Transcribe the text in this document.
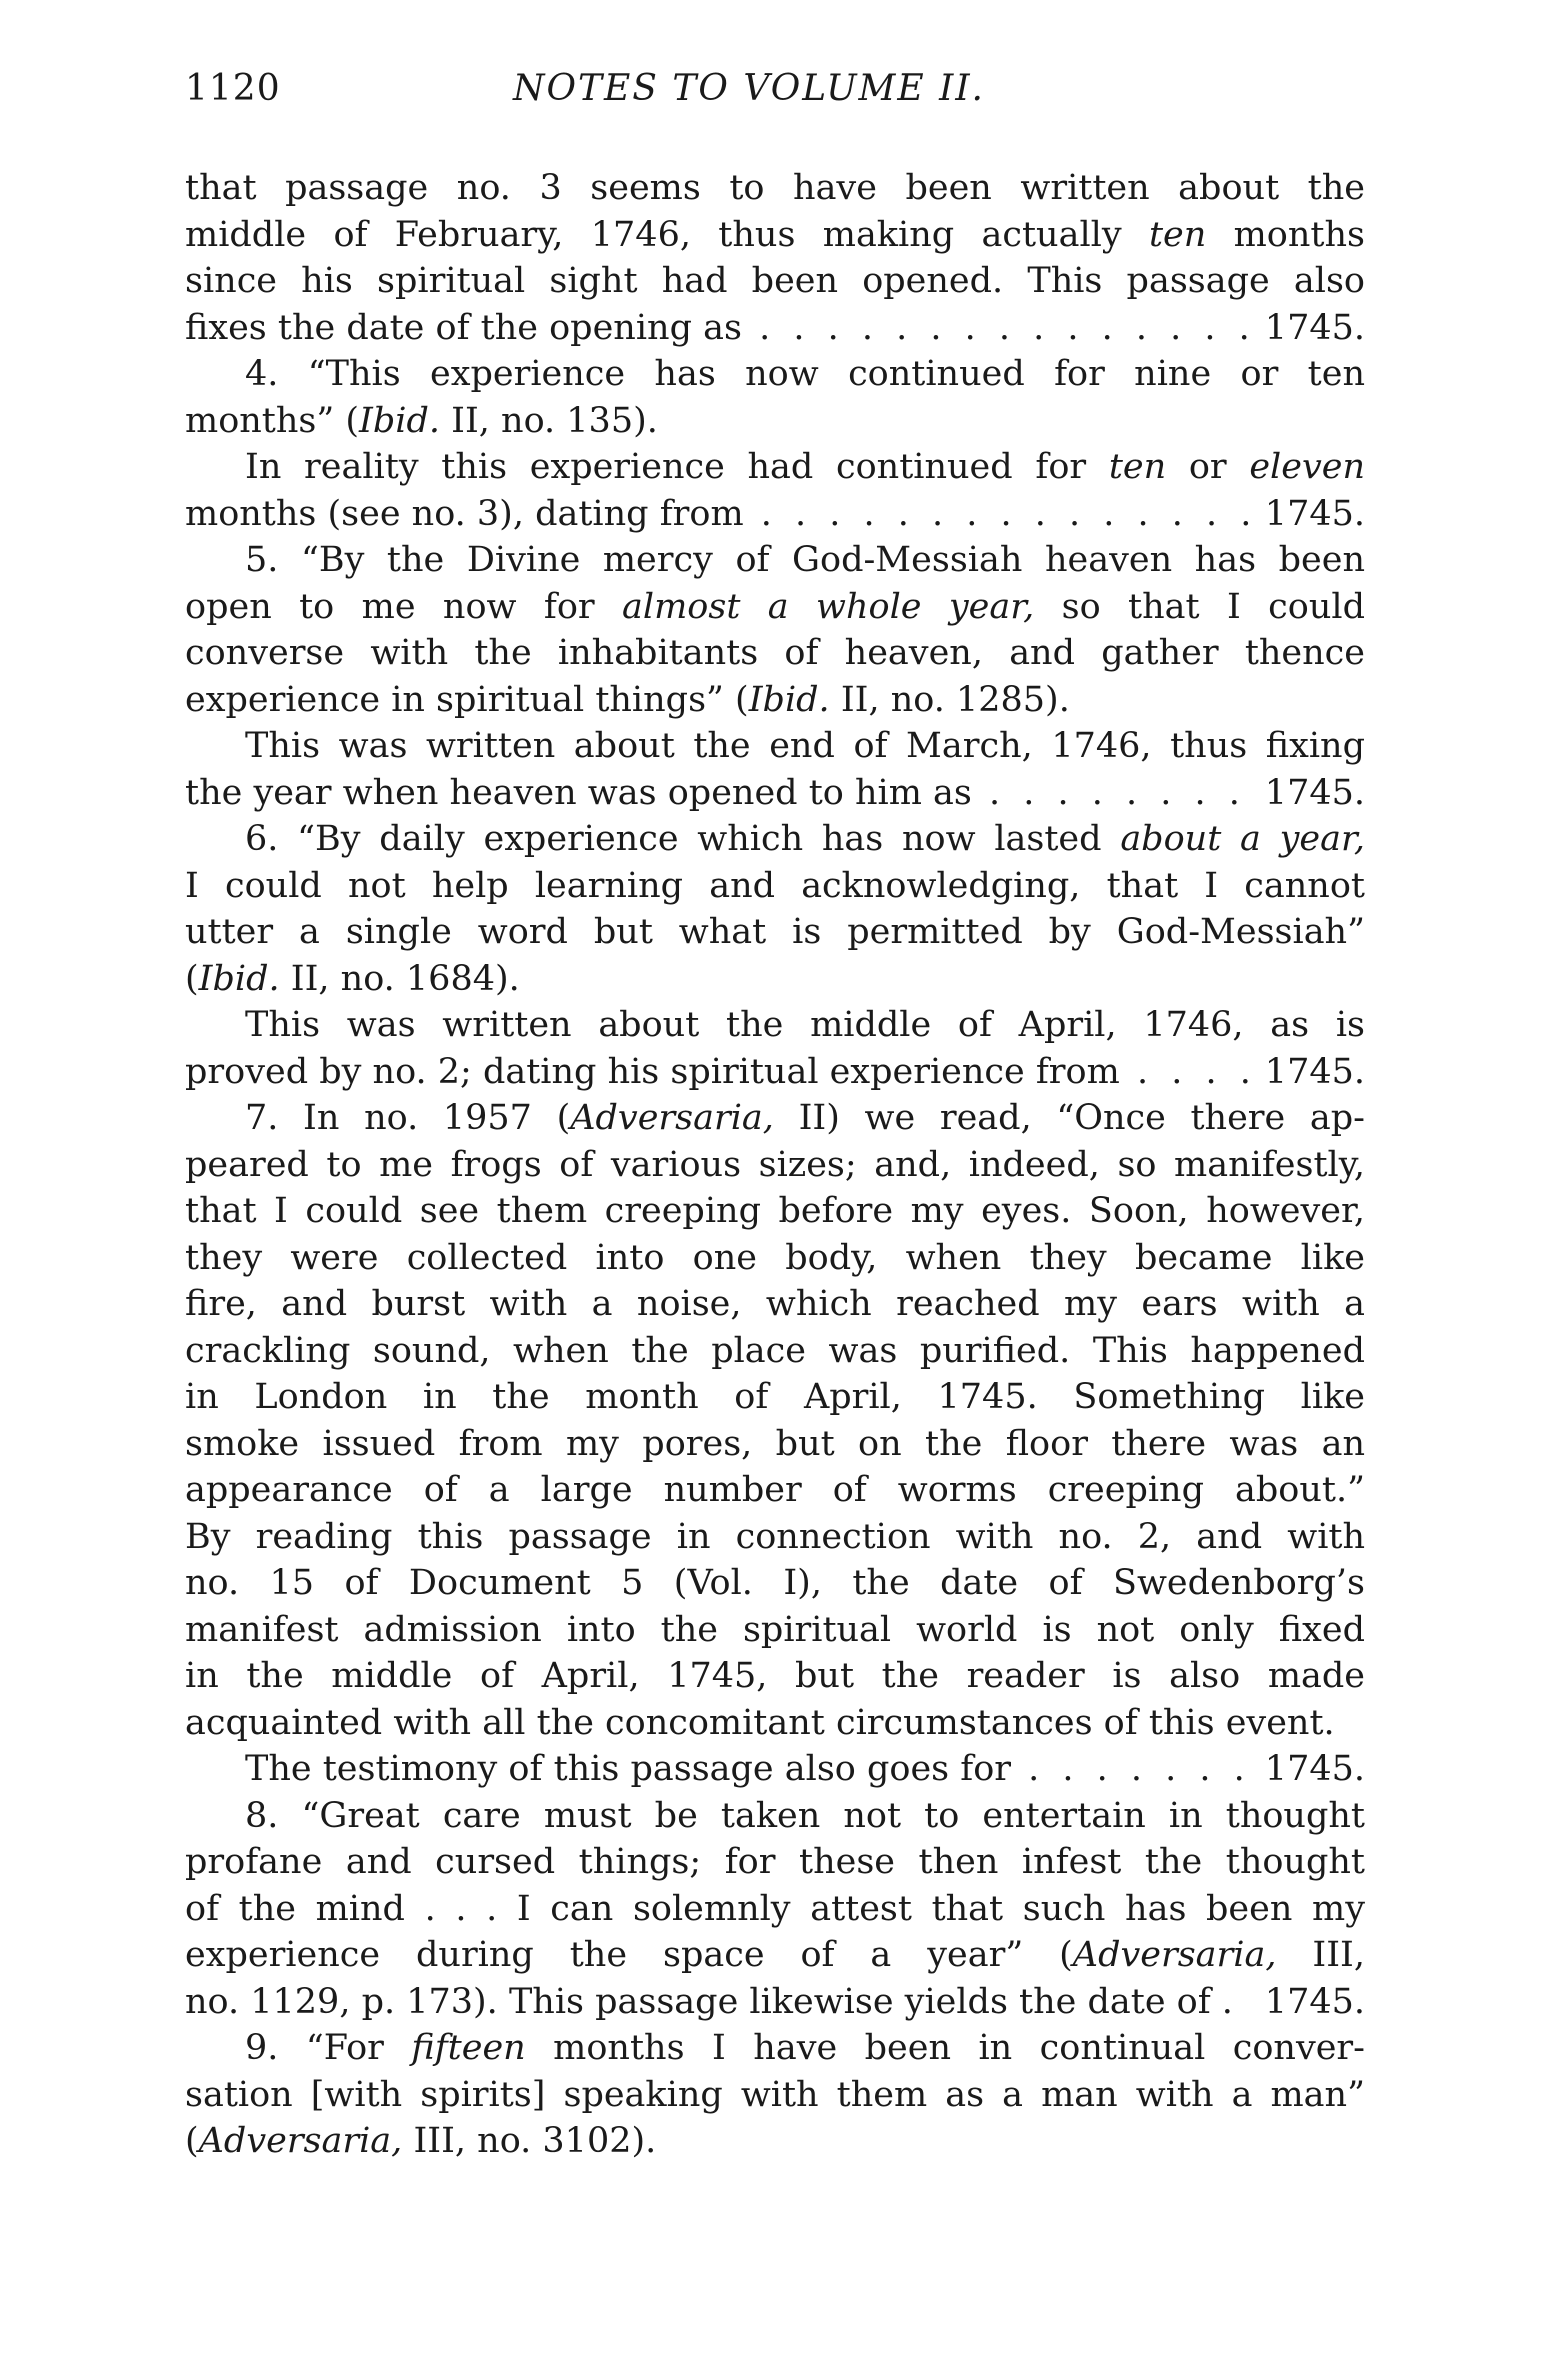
1120	NOTES TO VOLUME II.
that passage no. 3 seems to have been written about the
middle of February, 1746, thus making actually ten months
since his spiritual sight had been opened. This passage also
fixes the date of the opening as . . .	1745.
4. “This experience has now continued for nine or ten
months” (Ibid. II, no. 135).
In reality this experience had continued for ten or eleven
months (see no. 3), dating from . . .	1745.
5. “By the Divine mercy of God-Messiah heaven has been
open to me now for almost a whole year, so that I could
converse with the inhabitants of heaven, and gather thence
experience in spiritual things” (Ibid. II, no. 1285).
This was written about the end of March, 1746, thus fixing
the year when heaven was opened to him as . . .	1745.
6. “By daily experience which has now lasted about a year,
I could not help learning and acknowledging, that I cannot
utter a single word but what is permitted by God-Messiah”
(Ibid. II, no. 1684).
This was written about the middle of April, 1746, as is
proved by no. 2; dating his spiritual experience from . . .	1745.
7. In no. 1957 (Adversaria, II) we read, “Once there ap-
peared to me frogs of various sizes; and, indeed, so manifestly,
that I could see them creeping before my eyes. Soon, however,
they were collected into one body, when they became like
fire, and burst with a noise, which reached my ears with a
crackling sound, when the place was purified. This happened
in London in the month of April, 1745. Something like
smoke issued from my pores, but on the floor there was an
appearance of a large number of worms creeping about.”
By reading this passage in connection with no. 2, and with
no. 15 of Document 5 (Vol. I), the date of Swedenborg’s
manifest admission into the spiritual world is not only fixed
in the middle of April, 1745, but the reader is also made
acquainted with all the concomitant circumstances of this event.
The testimony of this passage also goes for . . .	1745.
8. “Great care must be taken not to entertain in thought
profane and cursed things; for these then infest the thought
of the mind . . . I can solemnly attest that such has been my
experience during the space of a year” (Adversaria, III,
no. 1129, p. 173). This passage likewise yields the date of . 1745.
9. “For fifteen months I have been in continual conver-
sation [with spirits] speaking with them as a man with a man”
(Adversaria, III, no. 3102).
